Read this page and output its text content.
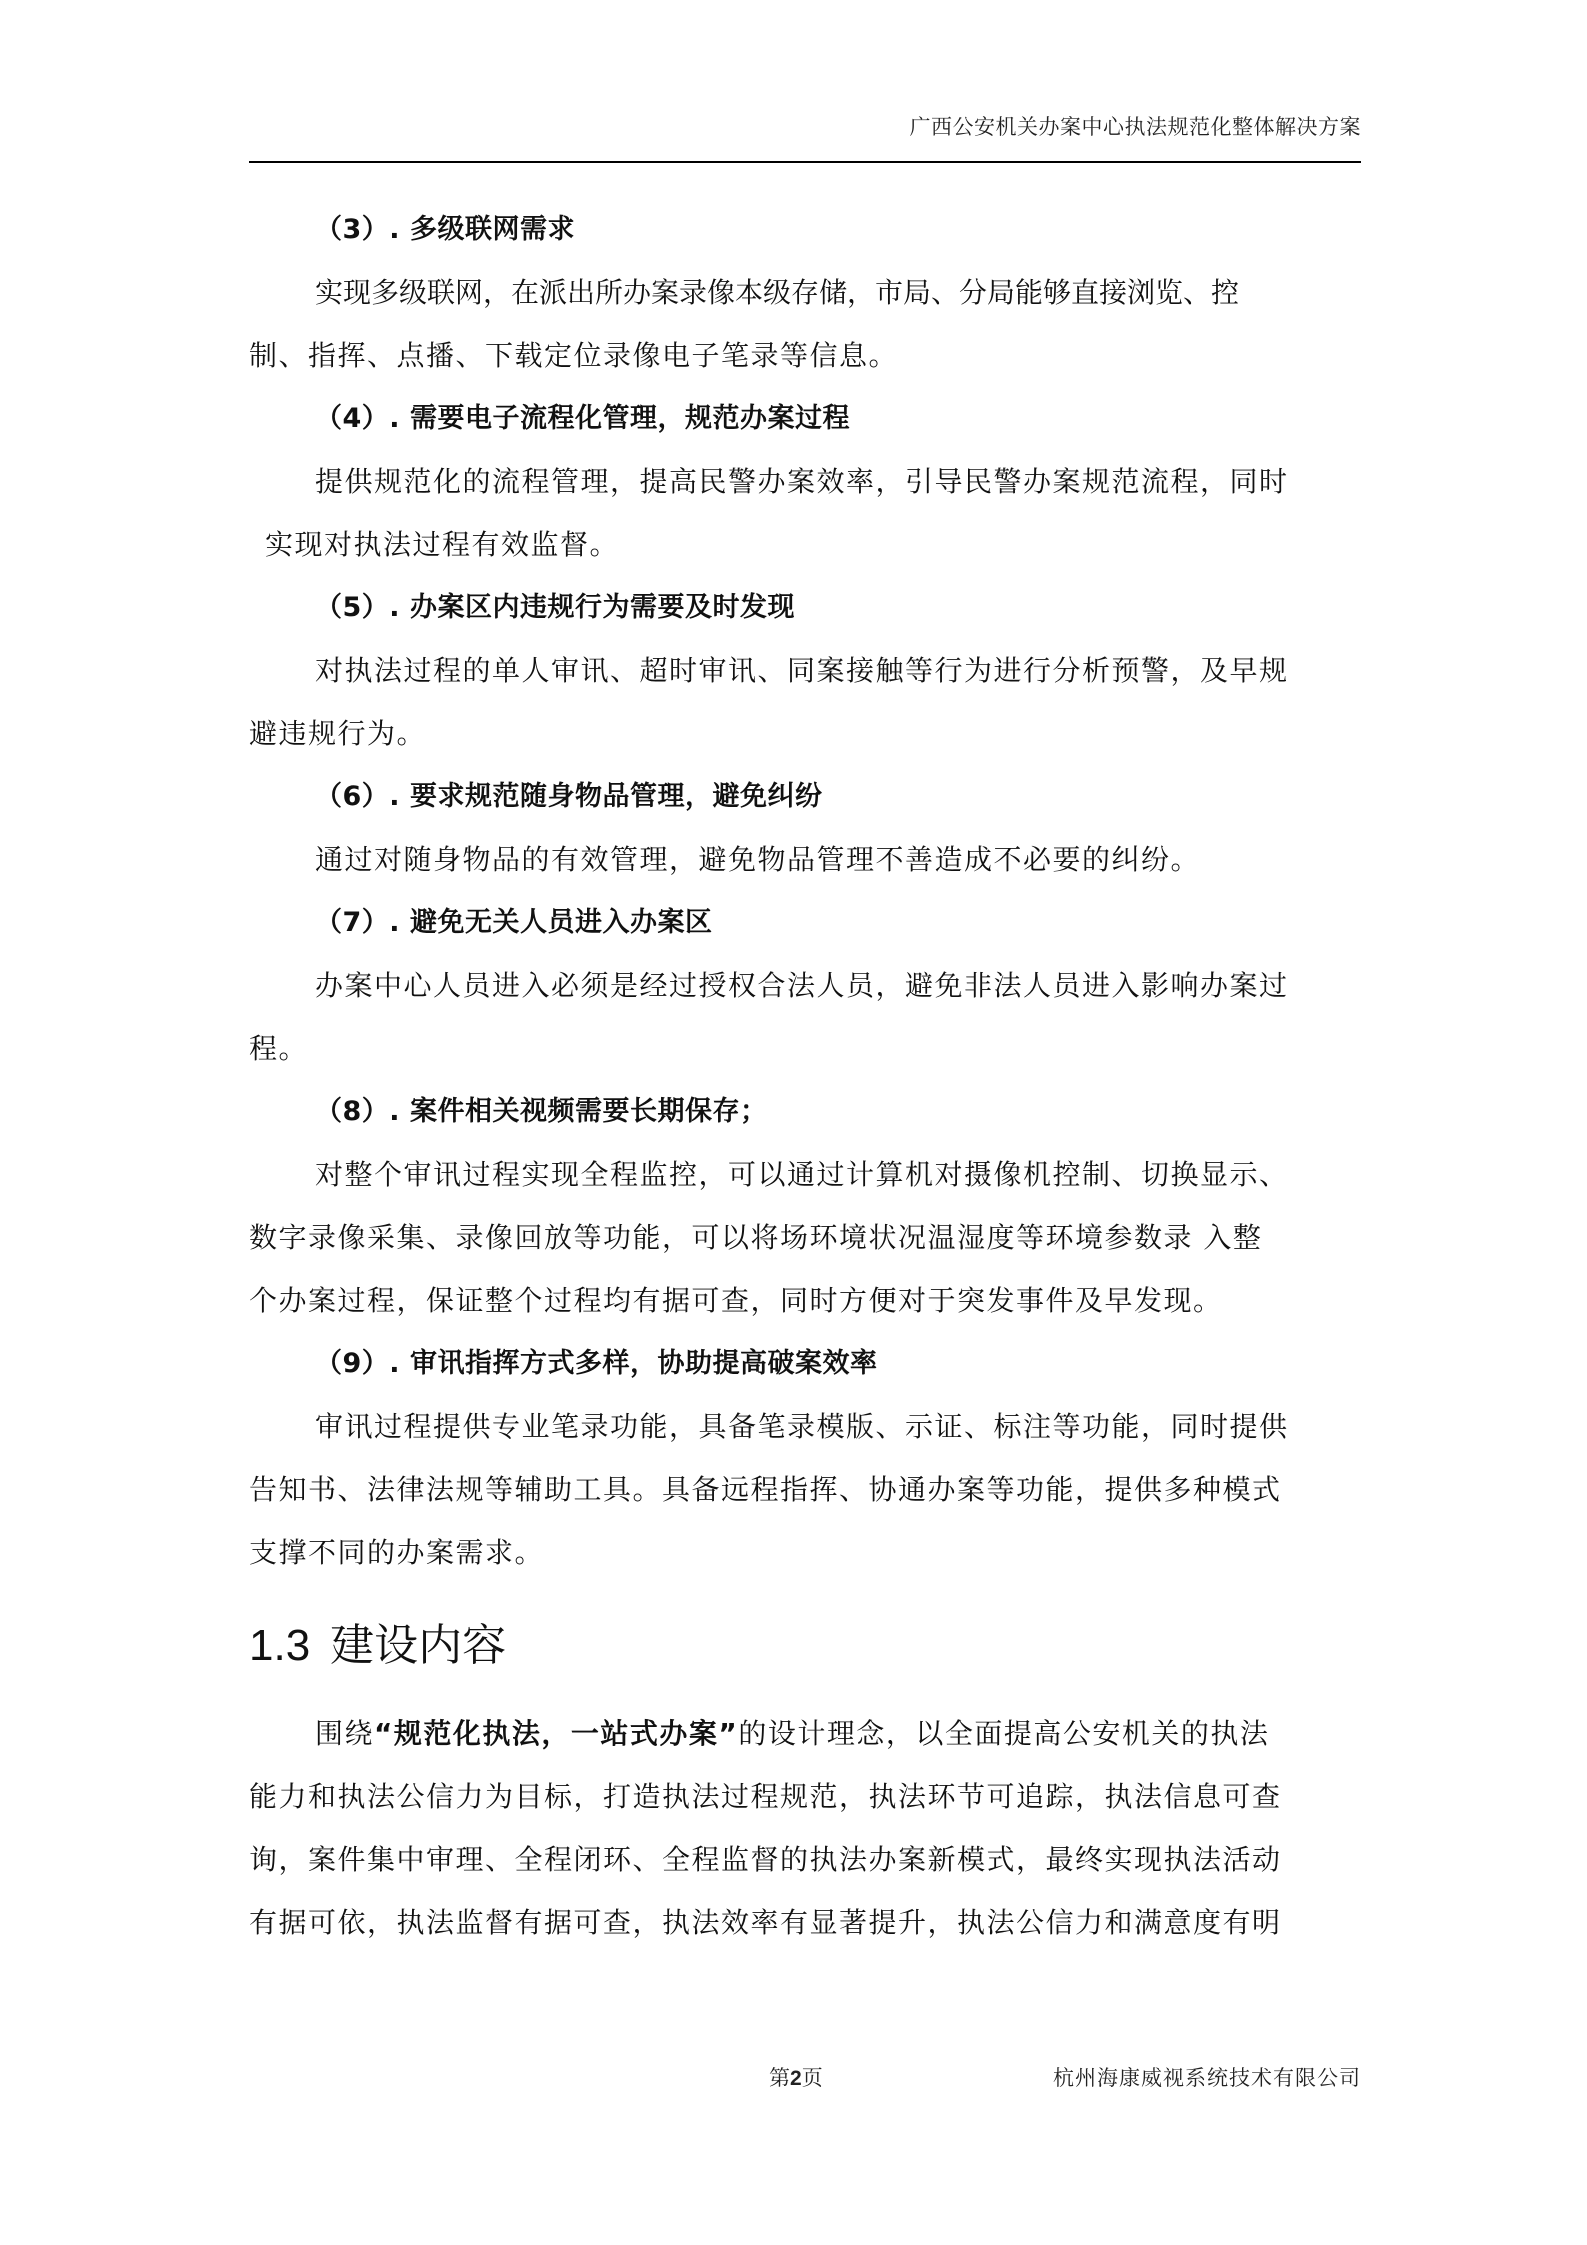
广西公安机关办案中心执法规范化整体解决方案
（3）. 多级联网需求
实现多级联网，在派出所办案录像本级存储，市局、分局能够直接浏览、控
制、指挥、点播、下载定位录像电子笔录等信息。
（4）. 需要电子流程化管理，规范办案过程
提供规范化的流程管理，提高民警办案效率，引导民警办案规范流程，同时
实现对执法过程有效监督。
（5）. 办案区内违规行为需要及时发现
对执法过程的单人审讯、超时审讯、同案接触等行为进行分析预警，及早规
避违规行为。
（6）. 要求规范随身物品管理，避免纠纷
通过对随身物品的有效管理，避免物品管理不善造成不必要的纠纷。
（7）. 避免无关人员进入办案区
办案中心人员进入必须是经过授权合法人员，避免非法人员进入影响办案过
程。
（8）. 案件相关视频需要长期保存；
对整个审讯过程实现全程监控，可以通过计算机对摄像机控制、切换显示、
数字录像采集、录像回放等功能，可以将场环境状况温湿度等环境参数录 入整
个办案过程，保证整个过程均有据可查，同时方便对于突发事件及早发现。
（9）. 审讯指挥方式多样，协助提高破案效率
审讯过程提供专业笔录功能，具备笔录模版、示证、标注等功能，同时提供
告知书、法律法规等辅助工具。具备远程指挥、协通办案等功能，提供多种模式
支撑不同的办案需求。
1.3 建设内容
围绕“规范化执法，一站式办案”的设计理念，以全面提高公安机关的执法
能力和执法公信力为目标，打造执法过程规范，执法环节可追踪，执法信息可查
询，案件集中审理、全程闭环、全程监督的执法办案新模式，最终实现执法活动
有据可依，执法监督有据可查，执法效率有显著提升，执法公信力和满意度有明
第2页	杭州海康威视系统技术有限公司
